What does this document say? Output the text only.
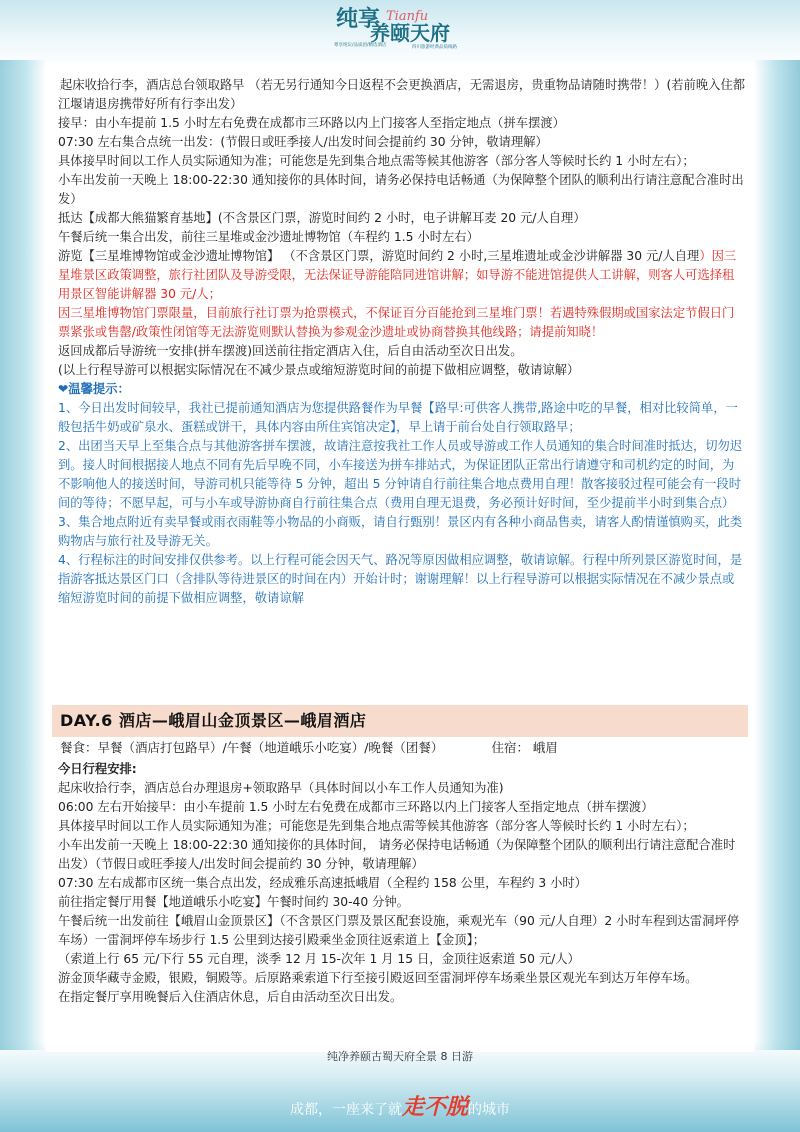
纯享 Tianfu
养颐天府
尊享纯玩/品质团/精选酒店	四川旅游经典品质线路

起床收拾行李，酒店总台领取路早 （若无另行通知今日返程不会更换酒店，无需退房，贵重物品请随时携带！）(若前晚入住都江堰请退房携带好所有行李出发）

接早：由小车提前 1.5 小时左右免费在成都市三环路以内上门接客人至指定地点（拼车摆渡）

07:30 左右集合点统一出发：(节假日或旺季接人/出发时间会提前约 30 分钟，敬请理解）

具体接早时间以工作人员实际通知为准；可能您是先到集合地点需等候其他游客（部分客人等候时长约 1 小时左右）；

小车出发前一天晚上 18:00-22:30 通知接你的具体时间，请务必保持电话畅通（为保障整个团队的顺利出行请注意配合准时出发）

抵达【成都大熊猫繁育基地】(不含景区门票，游览时间约 2 小时，电子讲解耳麦 20 元/人自理）

午餐后统一集合出发，前往三星堆或金沙遗址博物馆（车程约 1.5 小时左右）

游览【三星堆博物馆或金沙遗址博物馆】 （不含景区门票，游览时间约 2 小时,三星堆遗址或金沙讲解器 30 元/人自理）因三星堆景区政策调整，旅行社团队及导游受限，无法保证导游能陪同进馆讲解；如导游不能进馆提供人工讲解，则客人可选择租用景区智能讲解器 30 元/人；

因三星堆博物馆门票限量，目前旅行社订票为抢票模式，不保证百分百能抢到三星堆门票！若遇特殊假期或国家法定节假日门票紧张或售罄/政策性闭馆等无法游览则默认替换为参观金沙遗址或协商替换其他线路；请提前知晓！

返回成都后导游统一安排(拼车摆渡)回送前往指定酒店入住，后自由活动至次日出发。

(以上行程导游可以根据实际情况在不减少景点或缩短游览时间的前提下做相应调整，敬请谅解）

❤温馨提示：

1、今日出发时间较早，我社已提前通知酒店为您提供路餐作为早餐【路早:可供客人携带,路途中吃的早餐，相对比较简单，一般包括牛奶或矿泉水、蛋糕或饼干，具体内容由所住宾馆决定】，早上请于前台处自行领取路早；

2、出团当天早上至集合点与其他游客拼车摆渡，故请注意按我社工作人员或导游或工作人员通知的集合时间准时抵达，切勿迟到。接人时间根据接人地点不同有先后早晚不同，小车接送为拼车排站式，为保证团队正常出行请遵守和司机约定的时间，为不影响他人的接送时间，导游司机只能等待 5 分钟，超出 5 分钟请自行前往集合地点费用自理！散客接驳过程可能会有一段时间的等待；不愿早起，可与小车或导游协商自行前往集合点（费用自理无退费，务必预计好时间，至少提前半小时到集合点）

3、集合地点附近有卖早餐或雨衣雨鞋等小物品的小商贩，请自行甄别！景区内有各种小商品售卖，请客人酌情谨慎购买，此类购物店与旅行社及导游无关。

4、行程标注的时间安排仅供参考。以上行程可能会因天气、路况等原因做相应调整，敬请谅解。行程中所列景区游览时间，是指游客抵达景区门口（含排队等待进景区的时间在内）开始计时；谢谢理解！以上行程导游可以根据实际情况在不减少景点或缩短游览时间的前提下做相应调整，敬请谅解

DAY.6 酒店—峨眉山金顶景区—峨眉酒店
餐食：早餐（酒店打包路早）/午餐（地道峨乐小吃宴）/晚餐（团餐）	住宿： 峨眉

今日行程安排:

起床收拾行李，酒店总台办理退房+领取路早（具体时间以小车工作人员通知为准)

06:00 左右开始接早：由小车提前 1.5 小时左右免费在成都市三环路以内上门接客人至指定地点（拼车摆渡）

具体接早时间以工作人员实际通知为准；可能您是先到集合地点需等候其他游客（部分客人等候时长约 1 小时左右）；

小车出发前一天晚上 18:00-22:30 通知接你的具体时间， 请务必保持电话畅通（为保障整个团队的顺利出行请注意配合准时出发）（节假日或旺季接人/出发时间会提前约 30 分钟，敬请理解）

07:30 左右成都市区统一集合点出发，经成雅乐高速抵峨眉（全程约 158 公里，车程约 3 小时）

前往指定餐厅用餐【地道峨乐小吃宴】午餐时间约 30-40 分钟。

午餐后统一出发前往【峨眉山金顶景区】（不含景区门票及景区配套设施，乘观光车（90 元/人自理）2 小时车程到达雷洞坪停车场）一雷洞坪停车场步行 1.5 公里到达接引殿乘坐金顶往返索道上【金顶】；

（索道上行 65 元/下行 55 元自理，淡季 12 月 15-次年 1 月 15 日，金顶往返索道 50 元/人）

游金顶华藏寺金殿，银殿，铜殿等。后原路乘索道下行至接引殿返回至雷洞坪停车场乘坐景区观光车到达万年停车场。

在指定餐厅享用晚餐后入住酒店休息，后自由活动至次日出发。

纯净养颐古蜀天府全景 8 日游
成都，一座来了就走不脱的城市
